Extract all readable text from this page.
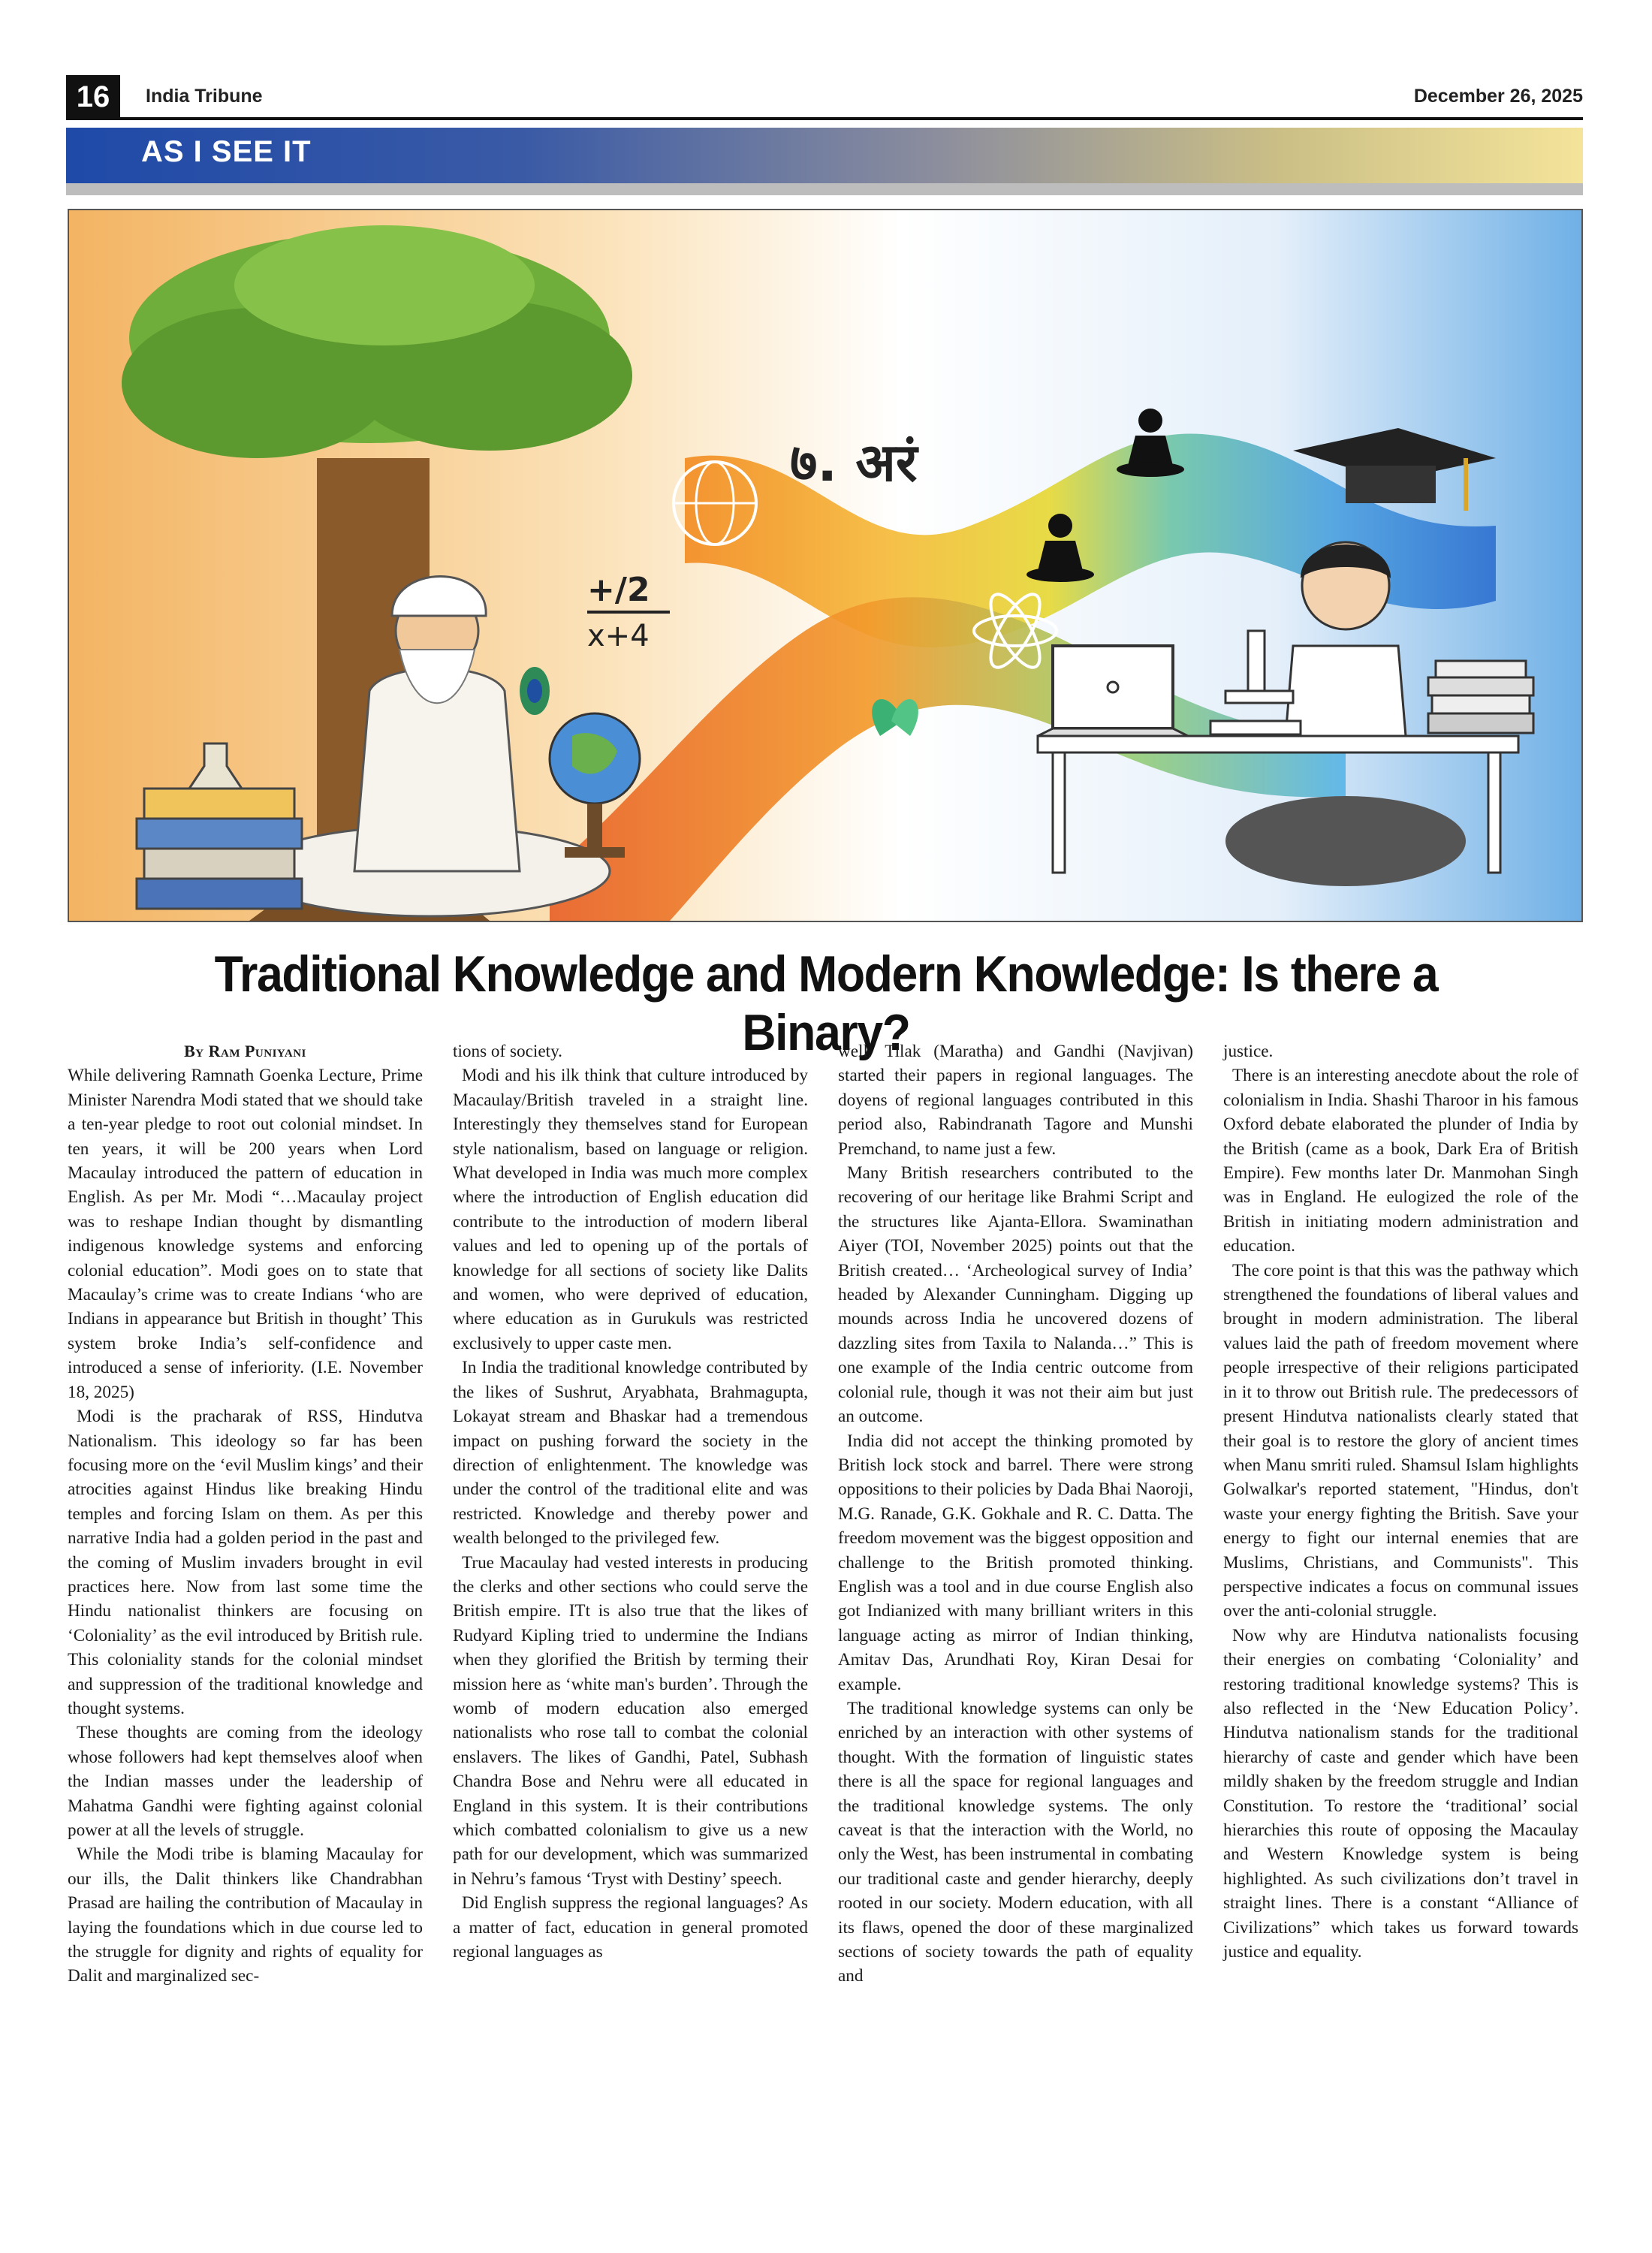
16	India Tribune	December 26, 2025
AS I SEE IT
+/2
x+4
७. अरं
Traditional Knowledge and Modern Knowledge: Is there a Binary?
By Ram Puniyani

While delivering Ramnath Goenka Lecture, Prime Minister Narendra Modi stated that we should take a ten-year pledge to root out colonial mindset. In ten years, it will be 200 years when Lord Macaulay introduced the pattern of education in English. As per Mr. Modi “…Macaulay project was to reshape Indian thought by dismantling indigenous knowledge systems and enforcing colonial education”. Modi goes on to state that Macaulay’s crime was to create Indians ‘who are Indians in appearance but British in thought’ This system broke India’s self-confidence and introduced a sense of inferiority. (I.E. November 18, 2025)

Modi is the pracharak of RSS, Hindutva Nationalism. This ideology so far has been focusing more on the ‘evil Muslim kings’ and their atrocities against Hindus like breaking Hindu temples and forcing Islam on them. As per this narrative India had a golden period in the past and the coming of Muslim invaders brought in evil practices here. Now from last some time the Hindu nationalist thinkers are focusing on ‘Coloniality’ as the evil introduced by British rule. This coloniality stands for the colonial mindset and suppression of the traditional knowledge and thought systems.

These thoughts are coming from the ideology whose followers had kept themselves aloof when the Indian masses under the leadership of Mahatma Gandhi were fighting against colonial power at all the levels of struggle.

While the Modi tribe is blaming Macaulay for our ills, the Dalit thinkers like Chandrabhan Prasad are hailing the contribution of Macaulay in laying the foundations which in due course led to the struggle for dignity and rights of equality for Dalit and marginalized sec-

tions of society.

Modi and his ilk think that culture introduced by Macaulay/British traveled in a straight line. Interestingly they themselves stand for European style nationalism, based on language or religion. What developed in India was much more complex where the introduction of English education did contribute to the introduction of modern liberal values and led to opening up of the portals of knowledge for all sections of society like Dalits and women, who were deprived of education, where education as in Gurukuls was restricted exclusively to upper caste men.

In India the traditional knowledge contributed by the likes of Sushrut, Aryabhata, Brahmagupta, Lokayat stream and Bhaskar had a tremendous impact on pushing forward the society in the direction of enlightenment. The knowledge was under the control of the traditional elite and was restricted. Knowledge and thereby power and wealth belonged to the privileged few.

True Macaulay had vested interests in producing the clerks and other sections who could serve the British empire. ITt is also true that the likes of Rudyard Kipling tried to undermine the Indians when they glorified the British by terming their mission here as ‘white man's burden’. Through the womb of modern education also emerged nationalists who rose tall to combat the colonial enslavers. The likes of Gandhi, Patel, Subhash Chandra Bose and Nehru were all educated in England in this system. It is their contributions which combatted colonialism to give us a new path for our development, which was summarized in Nehru’s famous ‘Tryst with Destiny’ speech.

Did English suppress the regional languages? As a matter of fact, education in general promoted regional languages as

well. Tilak (Maratha) and Gandhi (Navjivan) started their papers in regional languages. The doyens of regional languages contributed in this period also, Rabindranath Tagore and Munshi Premchand, to name just a few.

Many British researchers contributed to the recovering of our heritage like Brahmi Script and the structures like Ajanta-Ellora. Swaminathan Aiyer (TOI, November 2025) points out that the British created… ‘Archeological survey of India’ headed by Alexander Cunningham. Digging up mounds across India he uncovered dozens of dazzling sites from Taxila to Nalanda…” This is one example of the India centric outcome from colonial rule, though it was not their aim but just an outcome.

India did not accept the thinking promoted by British lock stock and barrel. There were strong oppositions to their policies by Dada Bhai Naoroji, M.G. Ranade, G.K. Gokhale and R. C. Datta. The freedom movement was the biggest opposition and challenge to the British promoted thinking. English was a tool and in due course English also got Indianized with many brilliant writers in this language acting as mirror of Indian thinking, Amitav Das, Arundhati Roy, Kiran Desai for example.

The traditional knowledge systems can only be enriched by an interaction with other systems of thought. With the formation of linguistic states there is all the space for regional languages and the traditional knowledge systems. The only caveat is that the interaction with the World, no only the West, has been instrumental in combating our traditional caste and gender hierarchy, deeply rooted in our society. Modern education, with all its flaws, opened the door of these marginalized sections of society towards the path of equality and

justice.

There is an interesting anecdote about the role of colonialism in India. Shashi Tharoor in his famous Oxford debate elaborated the plunder of India by the British (came as a book, Dark Era of British Empire). Few months later Dr. Manmohan Singh was in England. He eulogized the role of the British in initiating modern administration and education.

The core point is that this was the pathway which strengthened the foundations of liberal values and brought in modern administration. The liberal values laid the path of freedom movement where people irrespective of their religions participated in it to throw out British rule. The predecessors of present Hindutva nationalists clearly stated that their goal is to restore the glory of ancient times when Manu smriti ruled. Shamsul Islam highlights Golwalkar's reported statement, "Hindus, don't waste your energy fighting the British. Save your energy to fight our internal enemies that are Muslims, Christians, and Communists". This perspective indicates a focus on communal issues over the anti-colonial struggle.

Now why are Hindutva nationalists focusing their energies on combating ‘Coloniality’ and restoring traditional knowledge systems? This is also reflected in the ‘New Education Policy’. Hindutva nationalism stands for the traditional hierarchy of caste and gender which have been mildly shaken by the freedom struggle and Indian Constitution. To restore the ‘traditional’ social hierarchies this route of opposing the Macaulay and Western Knowledge system is being highlighted. As such civilizations don’t travel in straight lines. There is a constant “Alliance of Civilizations” which takes us forward towards justice and equality.
